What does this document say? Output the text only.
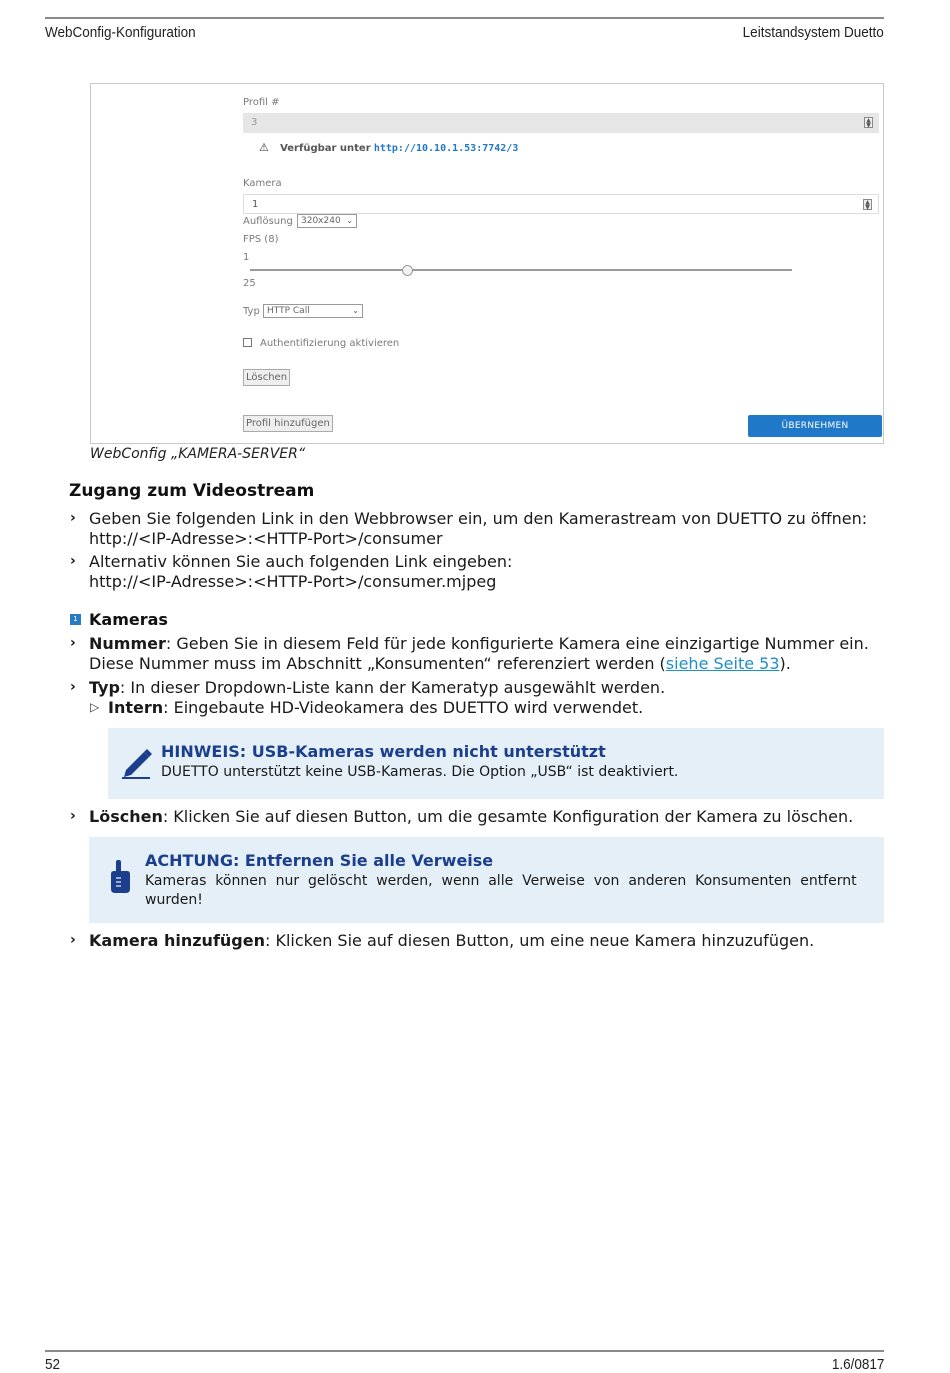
WebConfig-Konfiguration	Leitstandsystem Duetto
Profil #
3	▲
▼
⚠ Verfügbar unter http://10.10.1.53:7742/3
Kamera
1	▲
▼
Auflösung 320x240 ⌄
FPS (8)
1
25
Typ HTTP Call	⌄
Authentifizierung aktivieren
Löschen
Profil hinzufügen	ÜBERNEHMEN
WebConfig „KAMERA-SERVER“
Zugang zum Videostream
› Geben Sie folgenden Link in den Webbrowser ein, um den Kamerastream von DUETTO zu öffnen:
http://<IP-Adresse>:<HTTP-Port>/consumer
› Alternativ können Sie auch folgenden Link eingeben:
http://<IP-Adresse>:<HTTP-Port>/consumer.mjpeg
1 Kameras
› Nummer: Geben Sie in diesem Feld für jede konfigurierte Kamera eine einzigartige Nummer ein.
Diese Nummer muss im Abschnitt „Konsumenten“ referenziert werden (siehe Seite 53).
› Typ: In dieser Dropdown-Liste kann der Kameratyp ausgewählt werden.
▷ Intern: Eingebaute HD-Videokamera des DUETTO wird verwendet.
HINWEIS: USB-Kameras werden nicht unterstützt
DUETTO unterstützt keine USB-Kameras. Die Option „USB“ ist deaktiviert.
› Löschen: Klicken Sie auf diesen Button, um die gesamte Konfiguration der Kamera zu löschen.
ACHTUNG: Entfernen Sie alle Verweise
Kameras  können  nur  gelöscht  werden,  wenn  alle  Verweise  von  anderen  Konsumenten  entfernt
wurden!
› Kamera hinzufügen: Klicken Sie auf diesen Button, um eine neue Kamera hinzuzufügen.
52	1.6/0817
